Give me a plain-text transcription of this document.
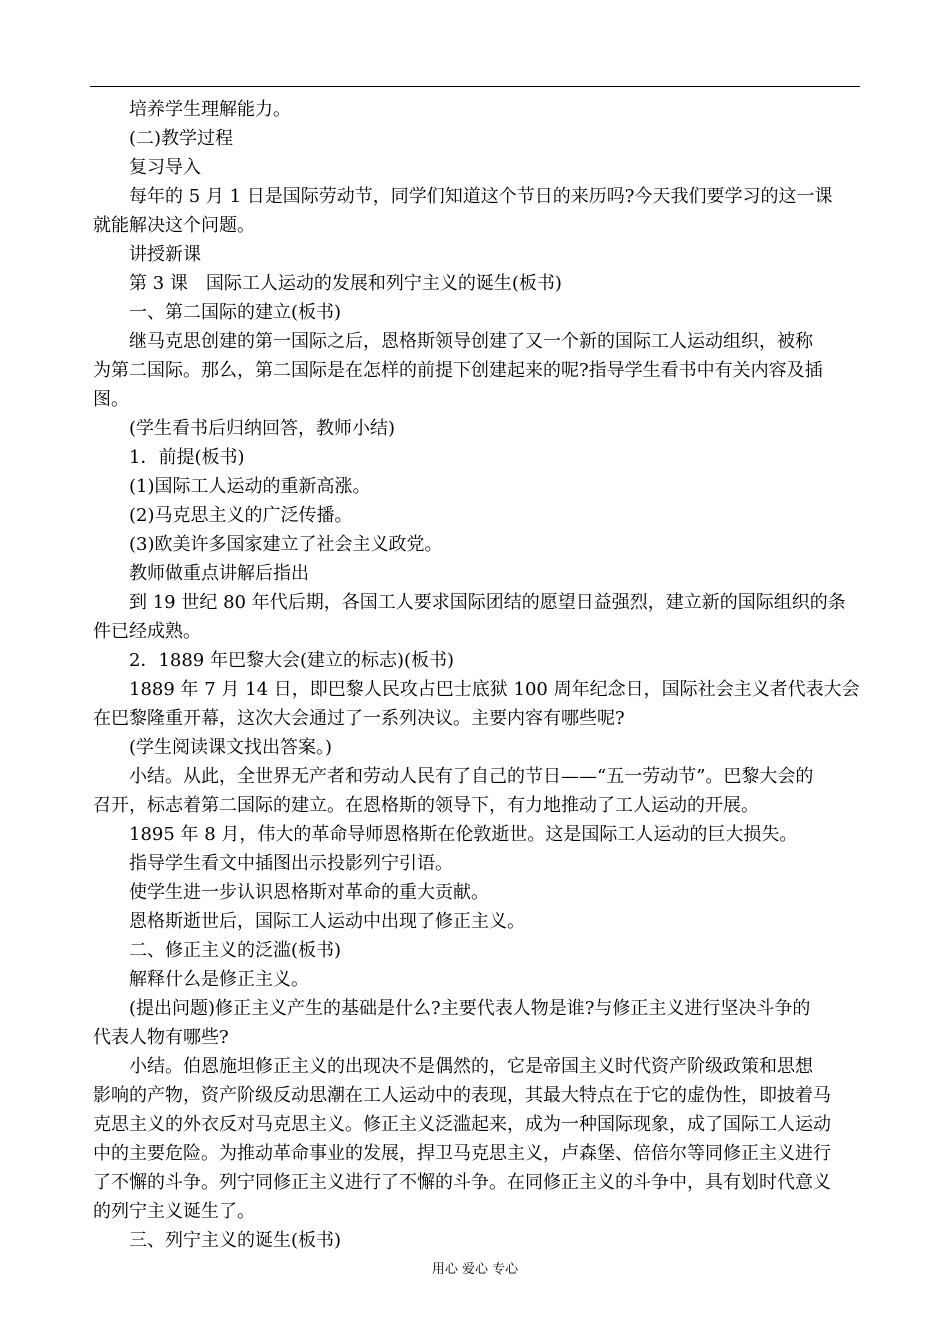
培养学生理解能力。
(二)教学过程
复习导入
每年的 5 月 1 日是国际劳动节，同学们知道这个节日的来历吗?今天我们要学习的这一课
就能解决这个问题。
讲授新课
第 3 课　国际工人运动的发展和列宁主义的诞生(板书)
一、第二国际的建立(板书)
继马克思创建的第一国际之后，恩格斯领导创建了又一个新的国际工人运动组织，被称
为第二国际。那么，第二国际是在怎样的前提下创建起来的呢?指导学生看书中有关内容及插
图。
(学生看书后归纳回答，教师小结)
1．前提(板书)
(1)国际工人运动的重新高涨。
(2)马克思主义的广泛传播。
(3)欧美许多国家建立了社会主义政党。
教师做重点讲解后指出
到 19 世纪 80 年代后期，各国工人要求国际团结的愿望日益强烈，建立新的国际组织的条
件已经成熟。
2．1889 年巴黎大会(建立的标志)(板书)
1889 年 7 月 14 日，即巴黎人民攻占巴士底狱 100 周年纪念日，国际社会主义者代表大会
在巴黎隆重开幕，这次大会通过了一系列决议。主要内容有哪些呢?
(学生阅读课文找出答案。)
小结。从此，全世界无产者和劳动人民有了自己的节日——“五一劳动节”。巴黎大会的
召开，标志着第二国际的建立。在恩格斯的领导下，有力地推动了工人运动的开展。
1895 年 8 月，伟大的革命导师恩格斯在伦敦逝世。这是国际工人运动的巨大损失。
指导学生看文中插图出示投影列宁引语。
使学生进一步认识恩格斯对革命的重大贡献。
恩格斯逝世后，国际工人运动中出现了修正主义。
二、修正主义的泛滥(板书)
解释什么是修正主义。
(提出问题)修正主义产生的基础是什么?主要代表人物是谁?与修正主义进行坚决斗争的
代表人物有哪些?
小结。伯恩施坦修正主义的出现决不是偶然的，它是帝国主义时代资产阶级政策和思想
影响的产物，资产阶级反动思潮在工人运动中的表现，其最大特点在于它的虚伪性，即披着马
克思主义的外衣反对马克思主义。修正主义泛滥起来，成为一种国际现象，成了国际工人运动
中的主要危险。为推动革命事业的发展，捍卫马克思主义，卢森堡、倍倍尔等同修正主义进行
了不懈的斗争。列宁同修正主义进行了不懈的斗争。在同修正主义的斗争中，具有划时代意义
的列宁主义诞生了。
三、列宁主义的诞生(板书)
用心 爱心 专心
